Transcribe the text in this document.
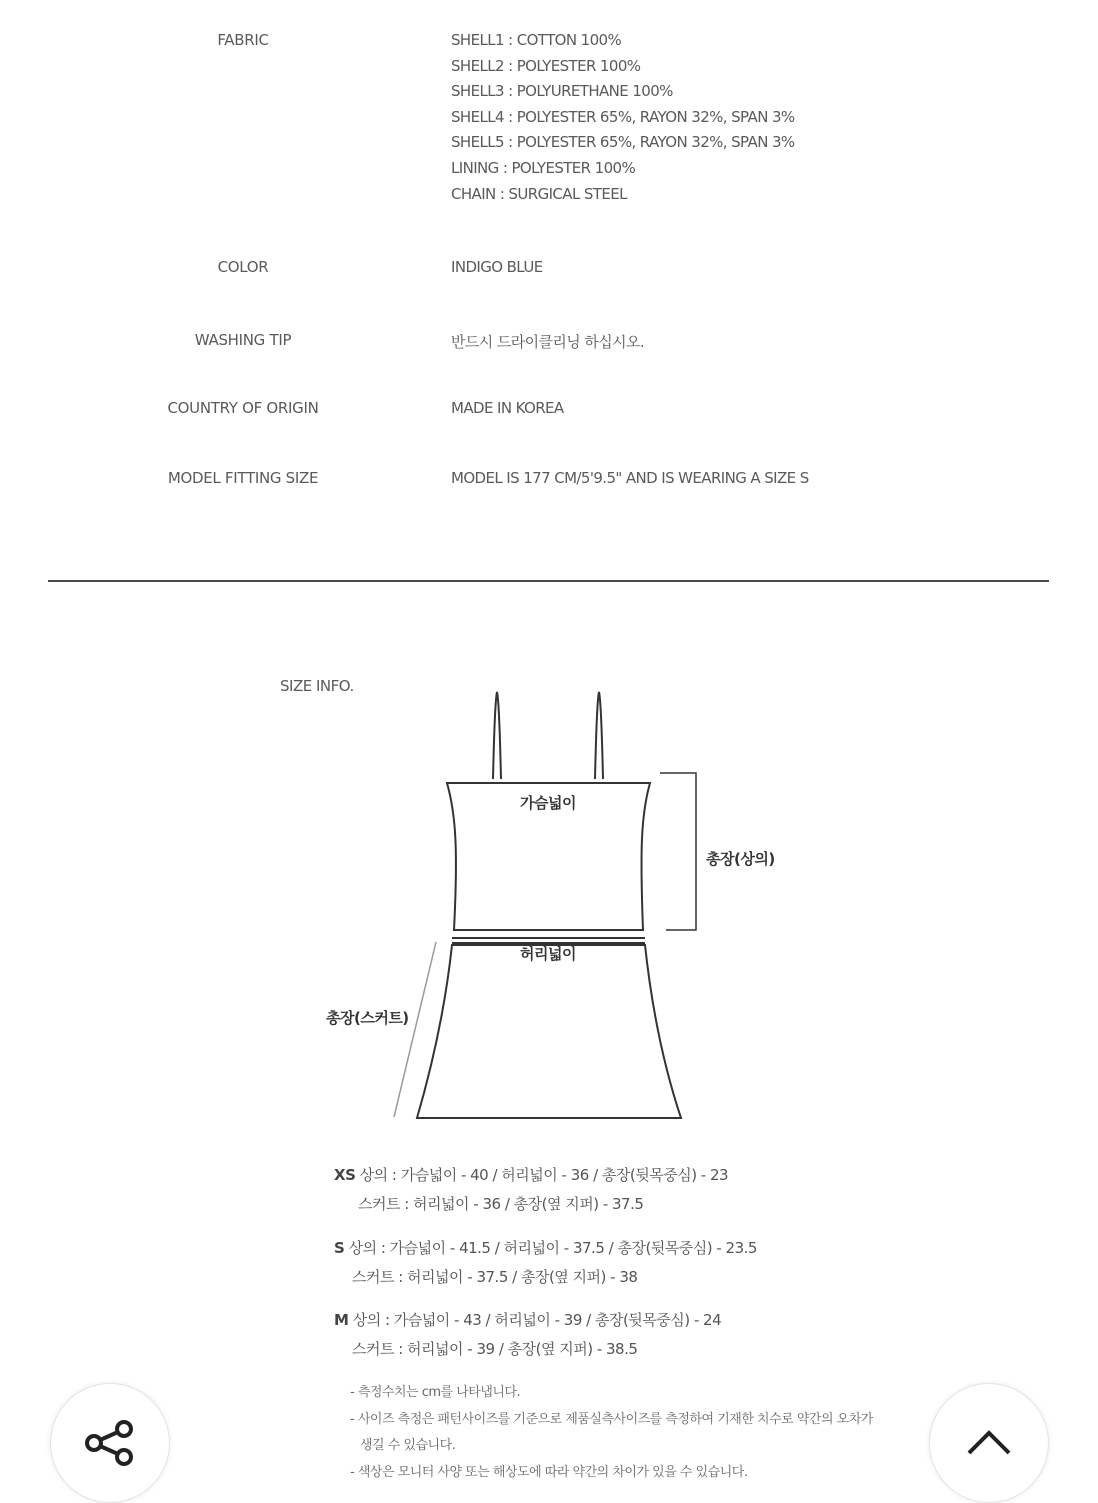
FABRIC	SHELL1 : COTTON 100%
SHELL2 : POLYESTER 100%
SHELL3 : POLYURETHANE 100%
SHELL4 : POLYESTER 65%, RAYON 32%, SPAN 3%
SHELL5 : POLYESTER 65%, RAYON 32%, SPAN 3%
LINING : POLYESTER 100%
CHAIN : SURGICAL STEEL
COLOR	INDIGO BLUE
WASHING TIP	반드시 드라이클리닝 하십시오.
COUNTRY OF ORIGIN	MADE IN KOREA
MODEL FITTING SIZE	MODEL IS 177 CM/5'9.5" AND IS WEARING A SIZE S
SIZE INFO.
가슴넓이
총장(상의)
허리넓이
총장(스커트)
XS 상의 : 가슴넓이 - 40 / 허리넓이 - 36 / 총장(뒷목중심) - 23
스커트 : 허리넓이 - 36 / 총장(옆 지퍼) - 37.5
S 상의 : 가슴넓이 - 41.5 / 허리넓이 - 37.5 / 총장(뒷목중심) - 23.5
스커트 : 허리넓이 - 37.5 / 총장(옆 지퍼) - 38
M 상의 : 가슴넓이 - 43 / 허리넓이 - 39 / 총장(뒷목중심) - 24
스커트 : 허리넓이 - 39 / 총장(옆 지퍼) - 38.5
- 측정수치는 cm를 나타냅니다.
- 사이즈 측정은 패턴사이즈를 기준으로 제품실측사이즈를 측정하여 기재한 치수로 약간의 오차가
생길 수 있습니다.
- 색상은 모니터 사양 또는 해상도에 따라 약간의 차이가 있을 수 있습니다.
